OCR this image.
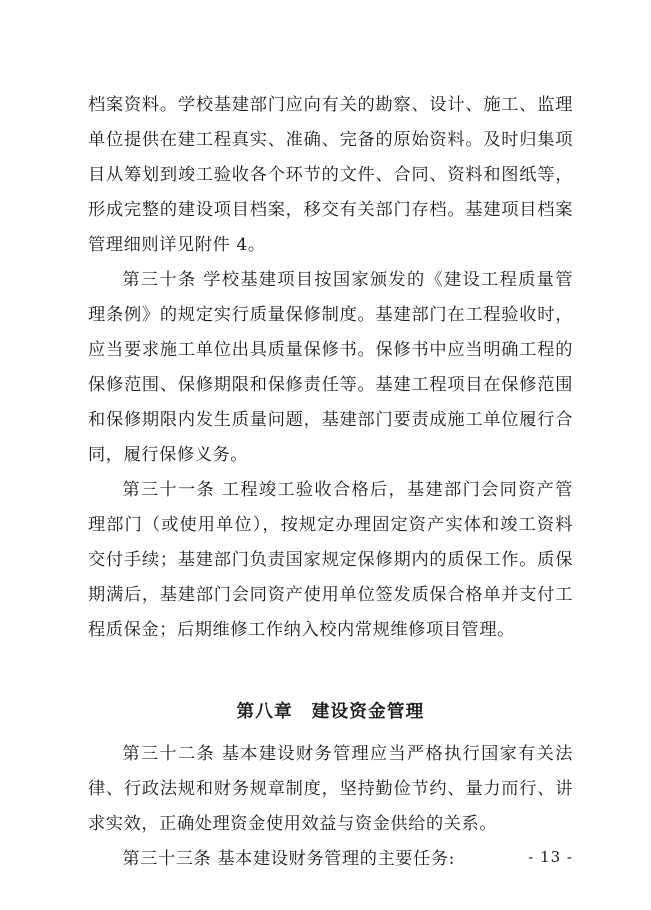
档案资料。学校基建部门应向有关的勘察、设计、施工、监理单位提供在建工程真实、准确、完备的原始资料。及时归集项目从筹划到竣工验收各个环节的文件、合同、资料和图纸等，形成完整的建设项目档案，移交有关部门存档。基建项目档案管理细则详见附件 4。

第三十条 学校基建项目按国家颁发的《建设工程质量管理条例》的规定实行质量保修制度。基建部门在工程验收时，应当要求施工单位出具质量保修书。保修书中应当明确工程的保修范围、保修期限和保修责任等。基建工程项目在保修范围和保修期限内发生质量问题，基建部门要责成施工单位履行合同，履行保修义务。

第三十一条 工程竣工验收合格后，基建部门会同资产管理部门（或使用单位），按规定办理固定资产实体和竣工资料交付手续；基建部门负责国家规定保修期内的质保工作。质保期满后，基建部门会同资产使用单位签发质保合格单并支付工程质保金；后期维修工作纳入校内常规维修项目管理。

第八章　建设资金管理

第三十二条 基本建设财务管理应当严格执行国家有关法律、行政法规和财务规章制度，坚持勤俭节约、量力而行、讲求实效，正确处理资金使用效益与资金供给的关系。

第三十三条 基本建设财务管理的主要任务:	- 13 -
